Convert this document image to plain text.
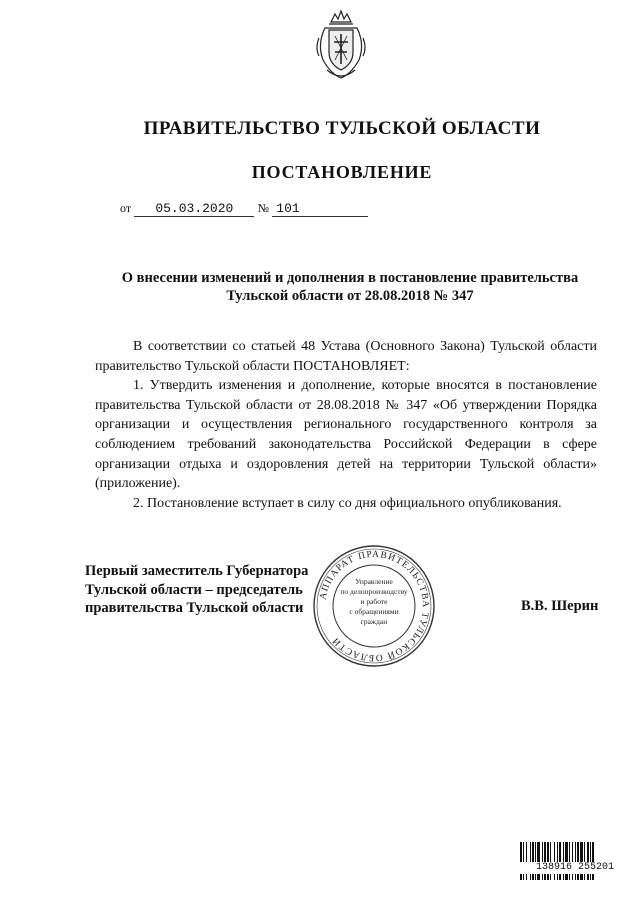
ПРАВИТЕЛЬСТВО ТУЛЬСКОЙ ОБЛАСТИ
ПОСТАНОВЛЕНИЕ
от 05.03.2020 № 101
О внесении изменений и дополнения в постановление правительства Тульской области от 28.08.2018 № 347

В соответствии со статьей 48 Устава (Основного Закона) Тульской области правительство Тульской области ПОСТАНОВЛЯЕТ:

1. Утвердить изменения и дополнение, которые вносятся в постановление правительства Тульской области от 28.08.2018 № 347 «Об утверждении Порядка организации и осуществления регионального государственного контроля за соблюдением требований законодательства Российской Федерации в сфере организации отдыха и оздоровления детей на территории Тульской области» (приложение).

2. Постановление вступает в силу со дня официального опубликования.

АППАРАТ ПРАВИТЕЛЬСТВА ТУЛЬСКОЙ ОБЛАСТИ
Управление
по делопроизводству
и работе
с обращениями
граждан
Первый заместитель Губернатора
Тульской области – председатель
правительства Тульской области	В.В. Шерин
138916 255201
